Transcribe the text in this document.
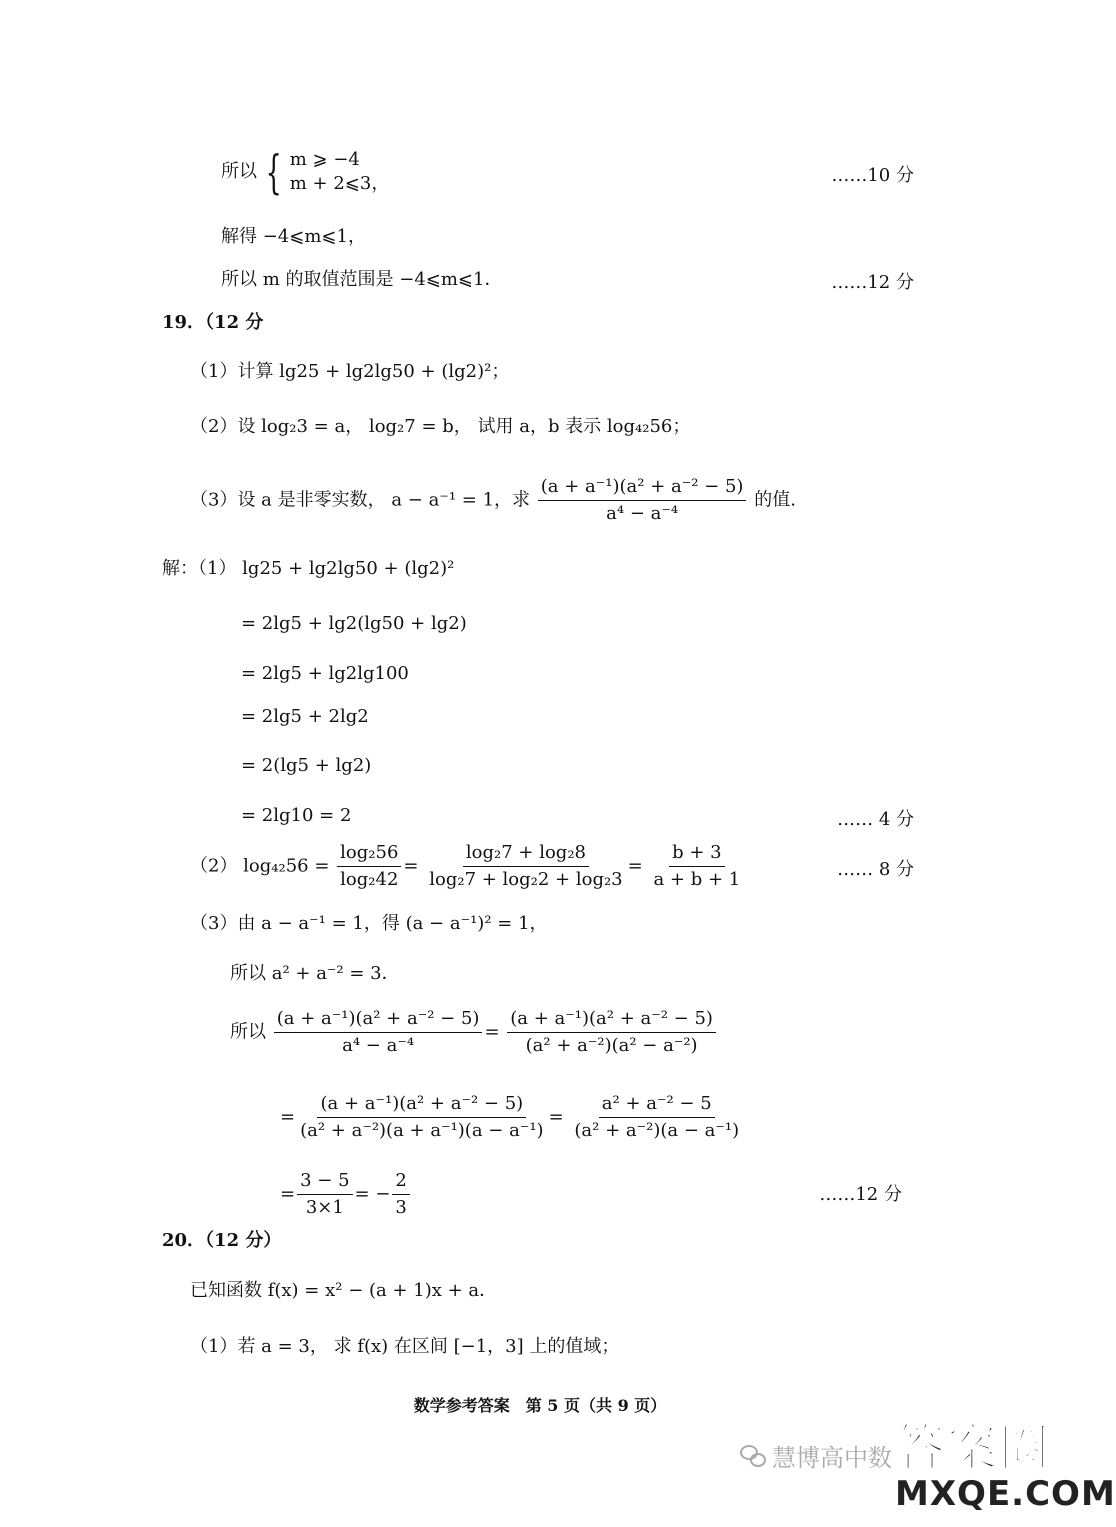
所以 { m ⩾ −4
m + 2⩽3，	……10 分
解得 −4⩽m⩽1，
所以 m 的取值范围是 −4⩽m⩽1．	……12 分
19．（12 分
（1）计算 lg25 + lg2lg50 + (lg2)²；
（2）设 log₂3 = a， log₂7 = b， 试用 a，b 表示 log₄₂56；
（3）设 a 是非零实数， a − a⁻¹ = 1，求 $\frac{\text{(a + a⁻¹)(a² + a⁻² − 5)}}{\text{a⁴ − a⁻⁴}}$ 的值.
解：（1） lg25 + lg2lg50 + (lg2)²
= 2lg5 + lg2(lg50 + lg2)
= 2lg5 + lg2lg100
= 2lg5 + 2lg2
= 2(lg5 + lg2)
= 2lg10 = 2	…… 4 分
（2） $\log_{42}56 = \frac{\text{log₂56}}{\text{log₂42}} = \frac{\text{log₂7 + log₂8}}{\text{log₂7 + log₂2 + log₂3}} = \frac{b + 3}{a + b + 1}$	…… 8 分
（3）由 a − a⁻¹ = 1，得 (a − a⁻¹)² = 1，
所以 a² + a⁻² = 3．
所以 $\frac{\text{(a + a⁻¹)(a² + a⁻² − 5)}}{\text{a⁴ − a⁻⁴}} = \frac{\text{(a + a⁻¹)(a² + a⁻² − 5)}}{\text{(a² + a⁻²)(a² − a⁻²)}}$
= $\frac{\text{(a + a⁻¹)(a² + a⁻² − 5)}}{\text{(a² + a⁻²)(a + a⁻¹)(a − a⁻¹)}} = \frac{\text{a² + a⁻² − 5}}{\text{(a² + a⁻²)(a − a⁻¹)}}$
= $\frac{3 - 5}{3\times 1}$ = − $\frac{2}{3}$	……12 分
20．（12 分）
已知函数 f(x) = x² − (a + 1)x + a．
（1）若 a = 3， 求 f(x) 在区间 [−1，3] 上的值域；
数学参考答案　第 5 页（共 9 页）
慧博高中数 答案圈
MXQE.COM
